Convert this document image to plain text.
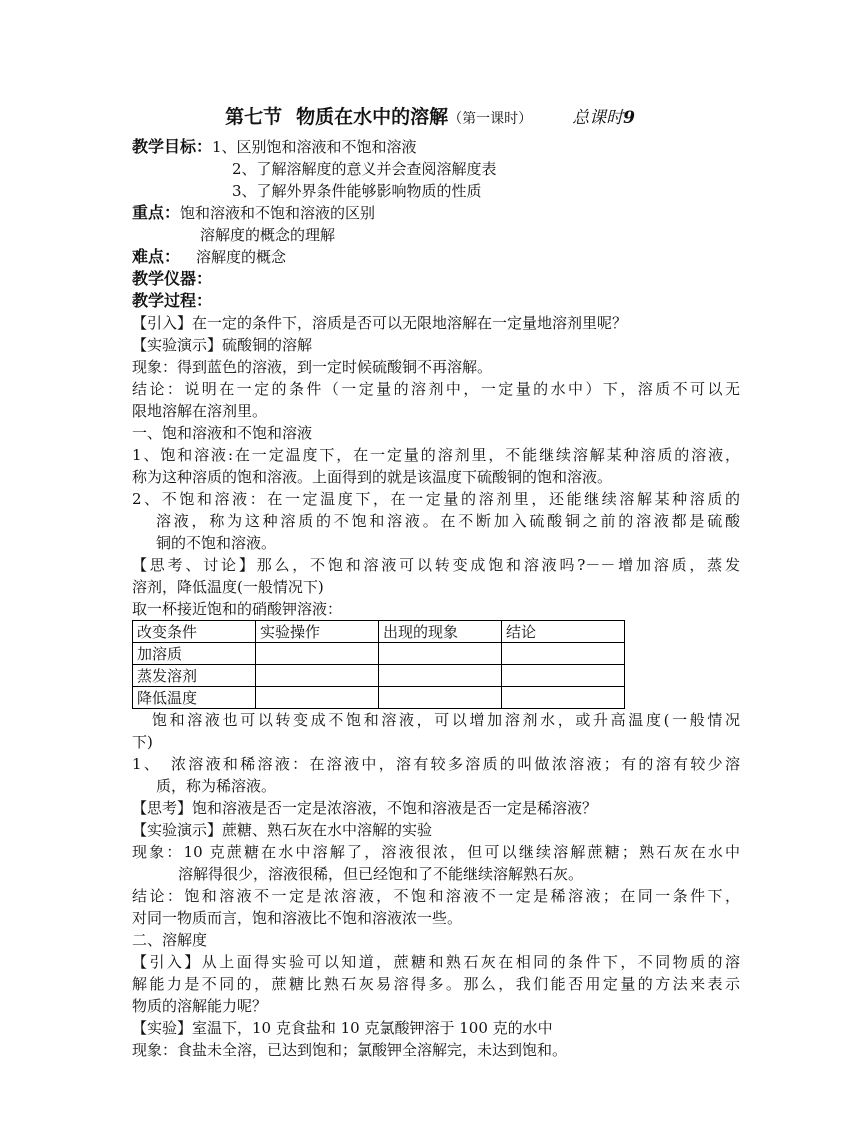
第七节 物质在水中的溶解（第一课时） 总课时9
教学目标：1、区别饱和溶液和不饱和溶液
2、了解溶解度的意义并会查阅溶解度表
3、了解外界条件能够影响物质的性质
重点：饱和溶液和不饱和溶液的区别
溶解度的概念的理解
难点： 溶解度的概念
教学仪器：
教学过程：
【引入】在一定的条件下，溶质是否可以无限地溶解在一定量地溶剂里呢？
【实验演示】硫酸铜的溶解
现象：得到蓝色的溶液，到一定时候硫酸铜不再溶解。
结论：说明在一定的条件（一定量的溶剂中，一定量的水中）下，溶质不可以无
限地溶解在溶剂里。
一、饱和溶液和不饱和溶液
1、饱和溶液:在一定温度下，在一定量的溶剂里，不能继续溶解某种溶质的溶液，
称为这种溶质的饱和溶液。上面得到的就是该温度下硫酸铜的饱和溶液。
2、不饱和溶液：在一定温度下，在一定量的溶剂里，还能继续溶解某种溶质的
溶液，称为这种溶质的不饱和溶液。在不断加入硫酸铜之前的溶液都是硫酸
铜的不饱和溶液。
【思考、讨论】那么，不饱和溶液可以转变成饱和溶液吗?－－增加溶质，蒸发
溶剂，降低温度(一般情况下)
取一杯接近饱和的硝酸钾溶液：
改变条件	实验操作	出现的现象	结论
加溶质			
蒸发溶剂			
降低温度			
饱和溶液也可以转变成不饱和溶液，可以增加溶剂水，或升高温度(一般情况
下)
1、　浓溶液和稀溶液：在溶液中，溶有较多溶质的叫做浓溶液；有的溶有较少溶
质，称为稀溶液。
【思考】饱和溶液是否一定是浓溶液，不饱和溶液是否一定是稀溶液？
【实验演示】蔗糖、熟石灰在水中溶解的实验
现象：10 克蔗糖在水中溶解了，溶液很浓，但可以继续溶解蔗糖；熟石灰在水中
溶解得很少，溶液很稀，但已经饱和了不能继续溶解熟石灰。
结论：饱和溶液不一定是浓溶液，不饱和溶液不一定是稀溶液；在同一条件下，
对同一物质而言，饱和溶液比不饱和溶液浓一些。
二、溶解度
【引入】从上面得实验可以知道，蔗糖和熟石灰在相同的条件下，不同物质的溶
解能力是不同的，蔗糖比熟石灰易溶得多。那么，我们能否用定量的方法来表示
物质的溶解能力呢？
【实验】室温下，10 克食盐和 10 克氯酸钾溶于 100 克的水中
现象：食盐未全溶，已达到饱和；氯酸钾全溶解完，未达到饱和。
